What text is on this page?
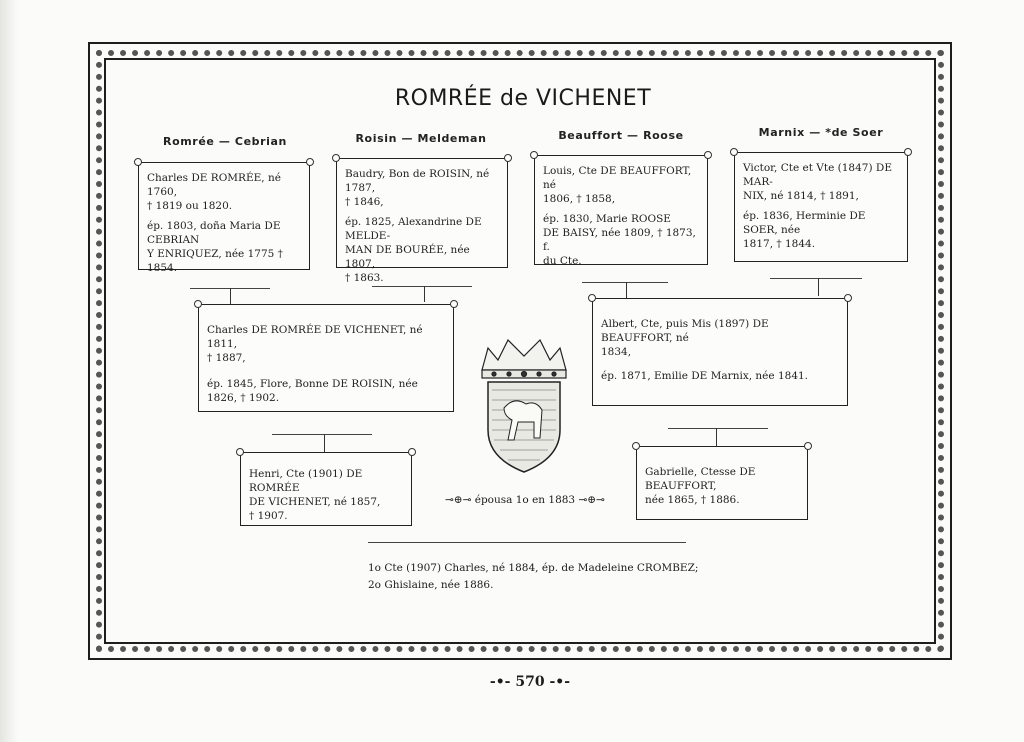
ROMRÉE de VICHENET
Romrée — Cebrian	Roisin — Meldeman	Beauffort — Roose	Marnix — *de Soer

Charles DE ROMRÉE, né 1760,
† 1819 ou 1820.

ép. 1803, doña Maria DE CEBRIAN
Y ENRIQUEZ, née 1775 † 1854.

Baudry, Bon de ROISIN, né 1787,
† 1846,

ép. 1825, Alexandrine DE MELDE-
MAN DE BOURÉE, née 1807,
† 1863.

Louis, Cte DE BEAUFFORT, né
1806, † 1858,

ép. 1830, Marie ROOSE
DE BAISY, née 1809, † 1873, f.
du Cte.

Victor, Cte et Vte (1847) DE MAR-
NIX, né 1814, † 1891,

ép. 1836, Herminie DE SOER, née
1817, † 1844.

Charles DE ROMRÉE DE VICHENET, né 1811,
† 1887,

ép. 1845, Flore, Bonne DE ROISIN, née 1826, † 1902.

Albert, Cte, puis Mis (1897) DE BEAUFFORT, né
1834,

ép. 1871, Emilie DE Marnix, née 1841.

Henri, Cte (1901) DE ROMRÉE
DE VICHENET, né 1857,
† 1907.

Gabrielle, Ctesse DE BEAUFFORT,
née 1865, † 1886.

⊸⊕⊸ épousa 1o en 1883 ⊸⊕⊸

1o Cte (1907) Charles, né 1884, ép. de Madeleine CROMBEZ;

2o Ghislaine, née 1886.

-•- 570 -•-
